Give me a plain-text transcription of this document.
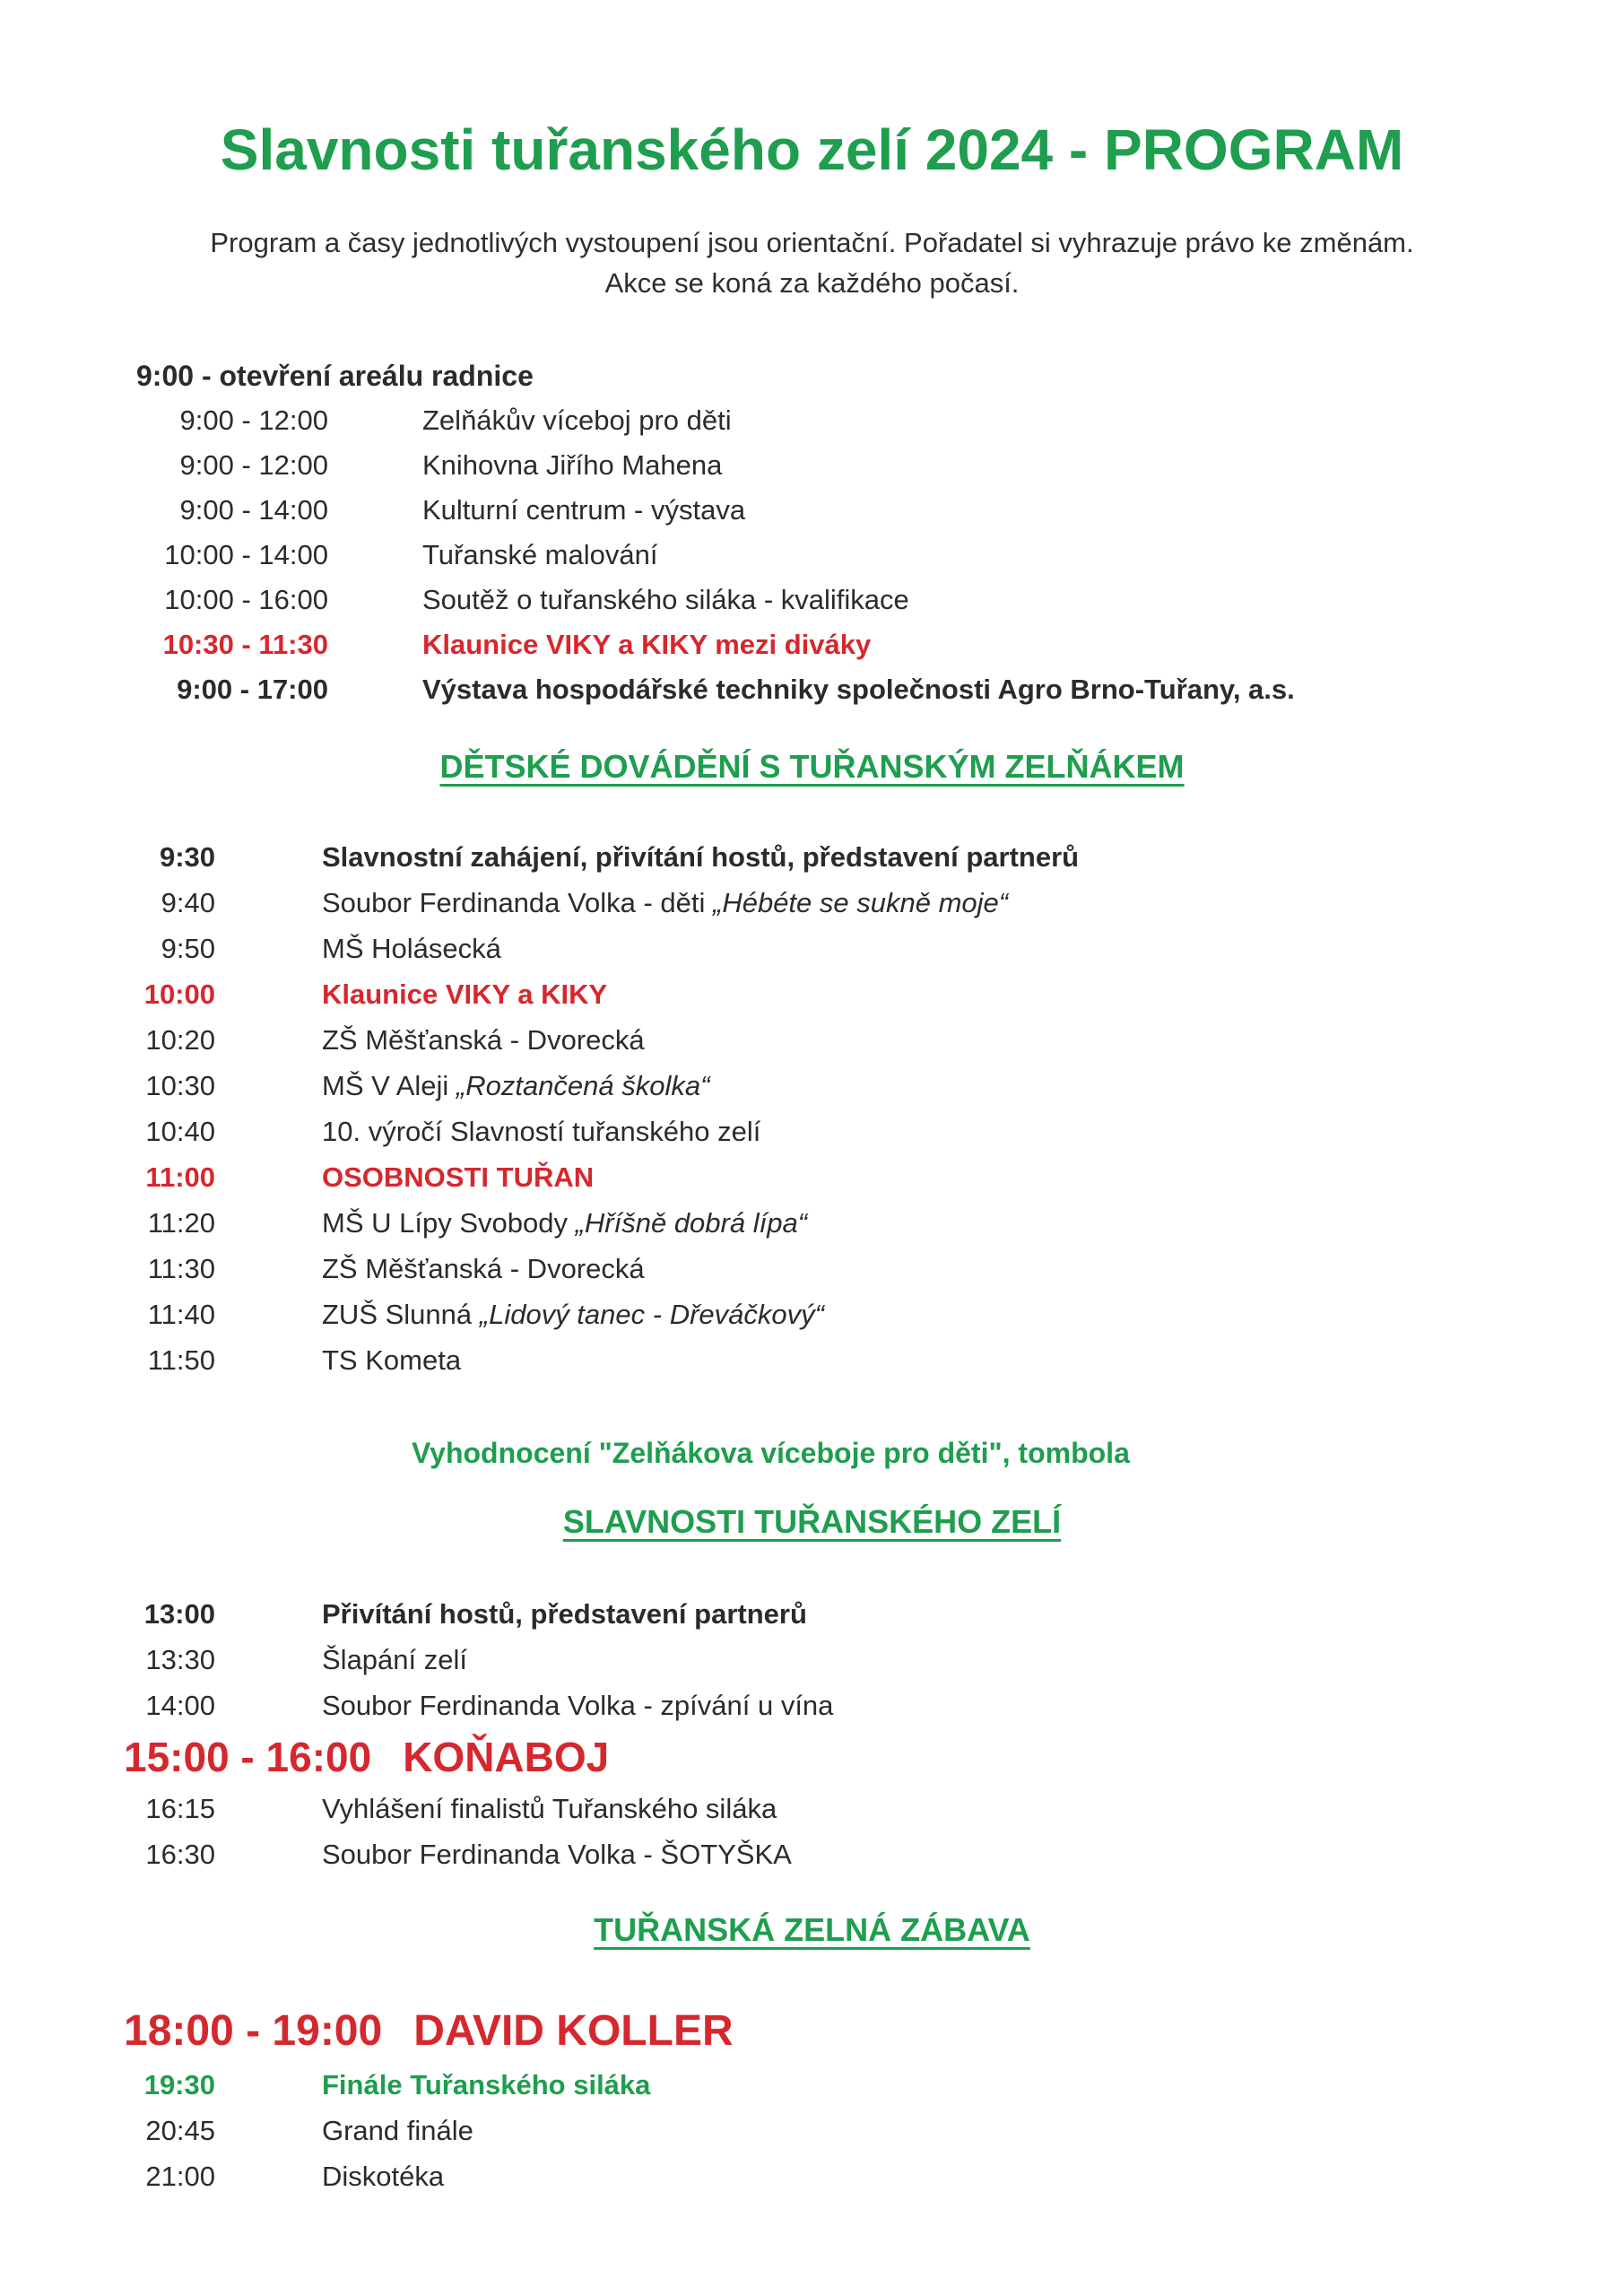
Slavnosti tuřanského zelí 2024 - PROGRAM
Program a časy jednotlivých vystoupení jsou orientační. Pořadatel si vyhrazuje právo ke změnám.
Akce se koná za každého počasí.
9:00 - otevření areálu radnice
9:00 - 12:00	Zelňákův víceboj pro děti
9:00 - 12:00	Knihovna Jiřího Mahena
9:00 - 14:00	Kulturní centrum - výstava
10:00 - 14:00	Tuřanské malování
10:00 - 16:00	Soutěž o tuřanského siláka - kvalifikace
10:30 - 11:30	Klaunice VIKY a KIKY mezi diváky
9:00 - 17:00	Výstava hospodářské techniky společnosti Agro Brno-Tuřany, a.s.
DĚTSKÉ DOVÁDĚNÍ S TUŘANSKÝM ZELŇÁKEM
9:30	Slavnostní zahájení, přivítání hostů, představení partnerů
9:40	Soubor Ferdinanda Volka - děti „Hébéte se sukně moje“
9:50	MŠ Holásecká
10:00	Klaunice VIKY a KIKY
10:20	ZŠ Měšťanská - Dvorecká
10:30	MŠ V Aleji „Roztančená školka“
10:40	10. výročí Slavností tuřanského zelí
11:00	OSOBNOSTI TUŘAN
11:20	MŠ U Lípy Svobody „Hříšně dobrá lípa“
11:30	ZŠ Měšťanská - Dvorecká
11:40	ZUŠ Slunná „Lidový tanec - Dřeváčkový“
11:50	TS Kometa
Vyhodnocení "Zelňákova víceboje pro děti", tombola
SLAVNOSTI TUŘANSKÉHO ZELÍ
13:00	Přivítání hostů, představení partnerů
13:30	Šlapání zelí
14:00	Soubor Ferdinanda Volka - zpívání u vína
15:00 - 16:00 KOŇABOJ
16:15	Vyhlášení finalistů Tuřanského siláka
16:30	Soubor Ferdinanda Volka - ŠOTYŠKA
TUŘANSKÁ ZELNÁ ZÁBAVA
18:00 - 19:00 DAVID KOLLER
19:30	Finále Tuřanského siláka
20:45	Grand finále
21:00	Diskotéka
